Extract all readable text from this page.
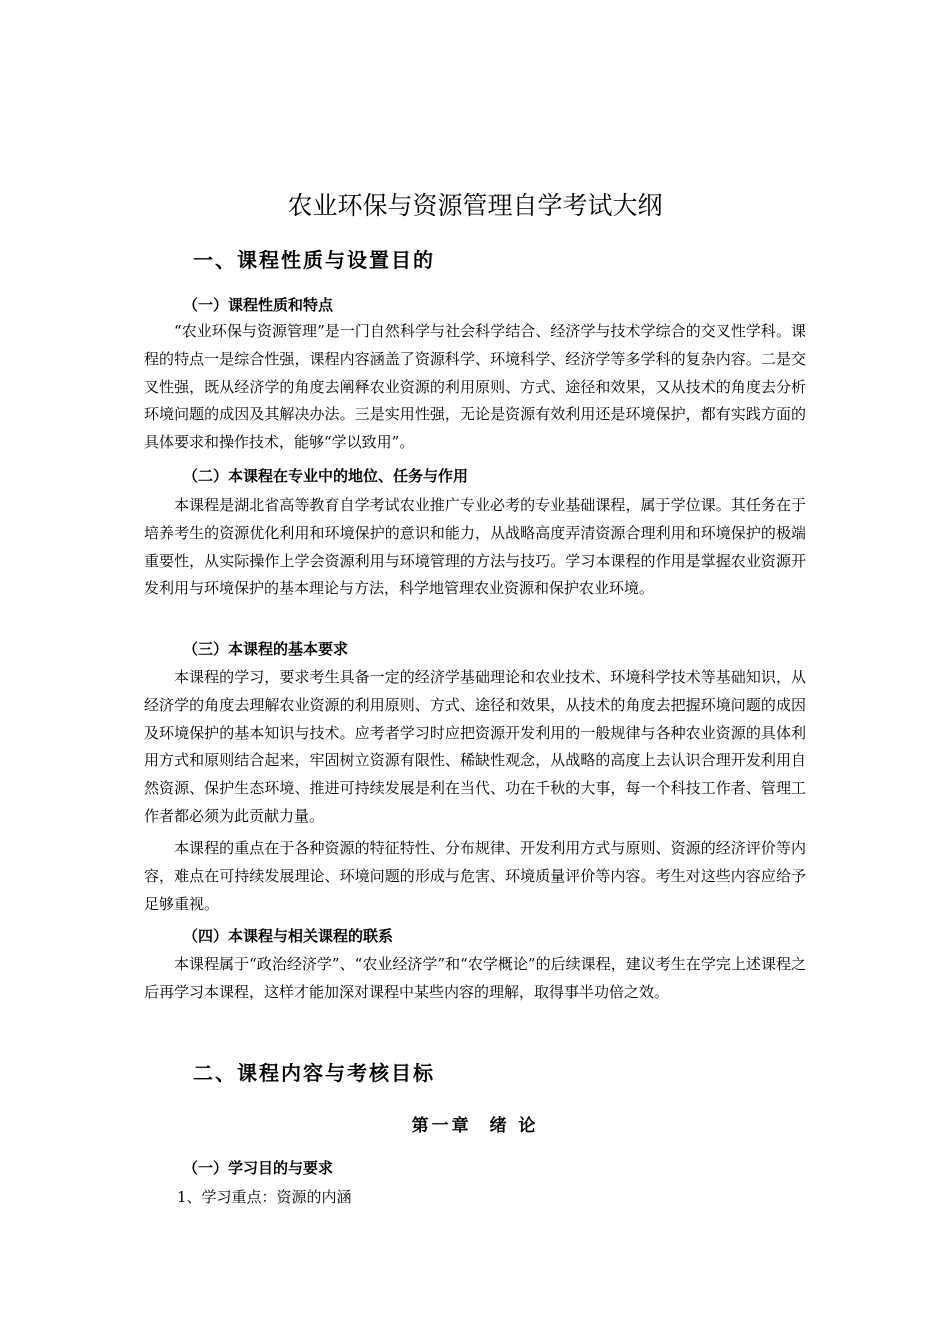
农业环保与资源管理自学考试大纲
一、课程性质与设置目的
（一）课程性质和特点

“农业环保与资源管理”是一门自然科学与社会科学结合、经济学与技术学综合的交叉性学科。课程的特点一是综合性强，课程内容涵盖了资源科学、环境科学、经济学等多学科的复杂内容。二是交叉性强，既从经济学的角度去阐释农业资源的利用原则、方式、途径和效果，又从技术的角度去分析环境问题的成因及其解决办法。三是实用性强，无论是资源有效利用还是环境保护，都有实践方面的具体要求和操作技术，能够“学以致用”。

（二）本课程在专业中的地位、任务与作用

本课程是湖北省高等教育自学考试农业推广专业必考的专业基础课程，属于学位课。其任务在于培养考生的资源优化利用和环境保护的意识和能力，从战略高度弄清资源合理利用和环境保护的极端重要性，从实际操作上学会资源利用与环境管理的方法与技巧。学习本课程的作用是掌握农业资源开发利用与环境保护的基本理论与方法，科学地管理农业资源和保护农业环境。

（三）本课程的基本要求

本课程的学习，要求考生具备一定的经济学基础理论和农业技术、环境科学技术等基础知识，从经济学的角度去理解农业资源的利用原则、方式、途径和效果，从技术的角度去把握环境问题的成因及环境保护的基本知识与技术。应考者学习时应把资源开发利用的一般规律与各种农业资源的具体利用方式和原则结合起来，牢固树立资源有限性、稀缺性观念，从战略的高度上去认识合理开发利用自然资源、保护生态环境、推进可持续发展是利在当代、功在千秋的大事，每一个科技工作者、管理工作者都必须为此贡献力量。

本课程的重点在于各种资源的特征特性、分布规律、开发利用方式与原则、资源的经济评价等内容，难点在可持续发展理论、环境问题的形成与危害、环境质量评价等内容。考生对这些内容应给予足够重视。

（四）本课程与相关课程的联系

本课程属于“政治经济学”、“农业经济学”和“农学概论”的后续课程，建议考生在学完上述课程之后再学习本课程，这样才能加深对课程中某些内容的理解，取得事半功倍之效。

二、课程内容与考核目标
第一章  绪 论
（一）学习目的与要求

1、学习重点：资源的内涵
